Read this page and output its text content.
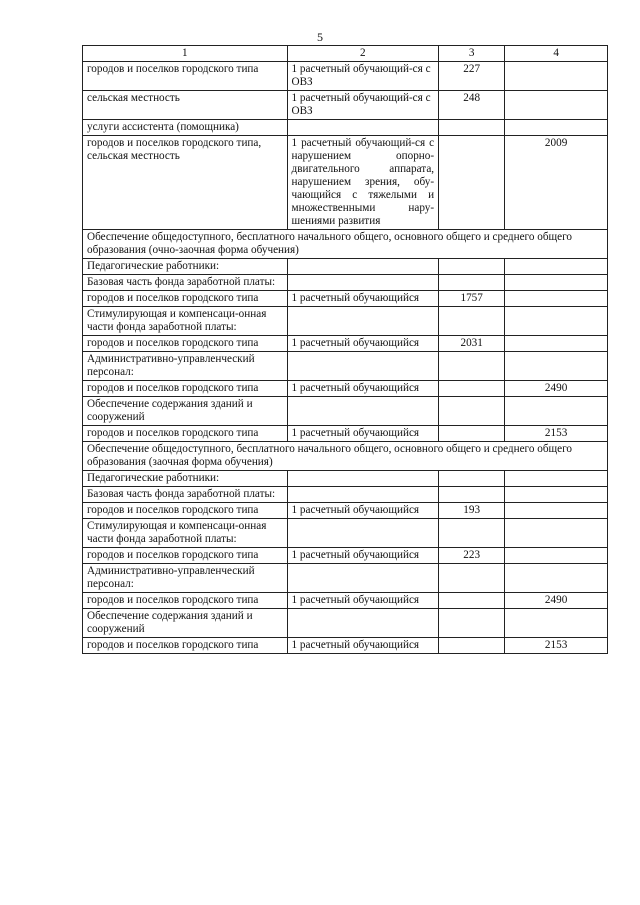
5
1	2	3	4
городов и поселков городского типа	1 расчетный обучающий-ся с ОВЗ	227	
сельская местность	1 расчетный обучающий-ся с ОВЗ	248	
услуги ассистента (помощника)			
городов и поселков городского типа, сельская местность	1 расчетный обучающий-ся с нарушением опорно-двигательного аппарата, нарушением зрения, обу-чающийся с тяжелыми и множественными нару-шениями развития		2009
Обеспечение общедоступного, бесплатного начального общего, основного общего и среднего общего образования (очно-заочная форма обучения)			
Педагогические работники:			
Базовая часть фонда заработной платы:			
городов и поселков городского типа	1 расчетный обучающийся	1757	
Стимулирующая и компенсаци-онная части фонда заработной платы:			
городов и поселков городского типа	1 расчетный обучающийся	2031	
Административно-управленческий персонал:			
городов и поселков городского типа	1 расчетный обучающийся		2490
Обеспечение содержания зданий и сооружений			
городов и поселков городского типа	1 расчетный обучающийся		2153
Обеспечение общедоступного, бесплатного начального общего, основного общего и среднего общего образования (заочная форма обучения)			
Педагогические работники:			
Базовая часть фонда заработной платы:			
городов и поселков городского типа	1 расчетный обучающийся	193	
Стимулирующая и компенсаци-онная части фонда заработной платы:			
городов и поселков городского типа	1 расчетный обучающийся	223	
Административно-управленческий персонал:			
городов и поселков городского типа	1 расчетный обучающийся		2490
Обеспечение содержания зданий и сооружений			
городов и поселков городского типа	1 расчетный обучающийся		2153
